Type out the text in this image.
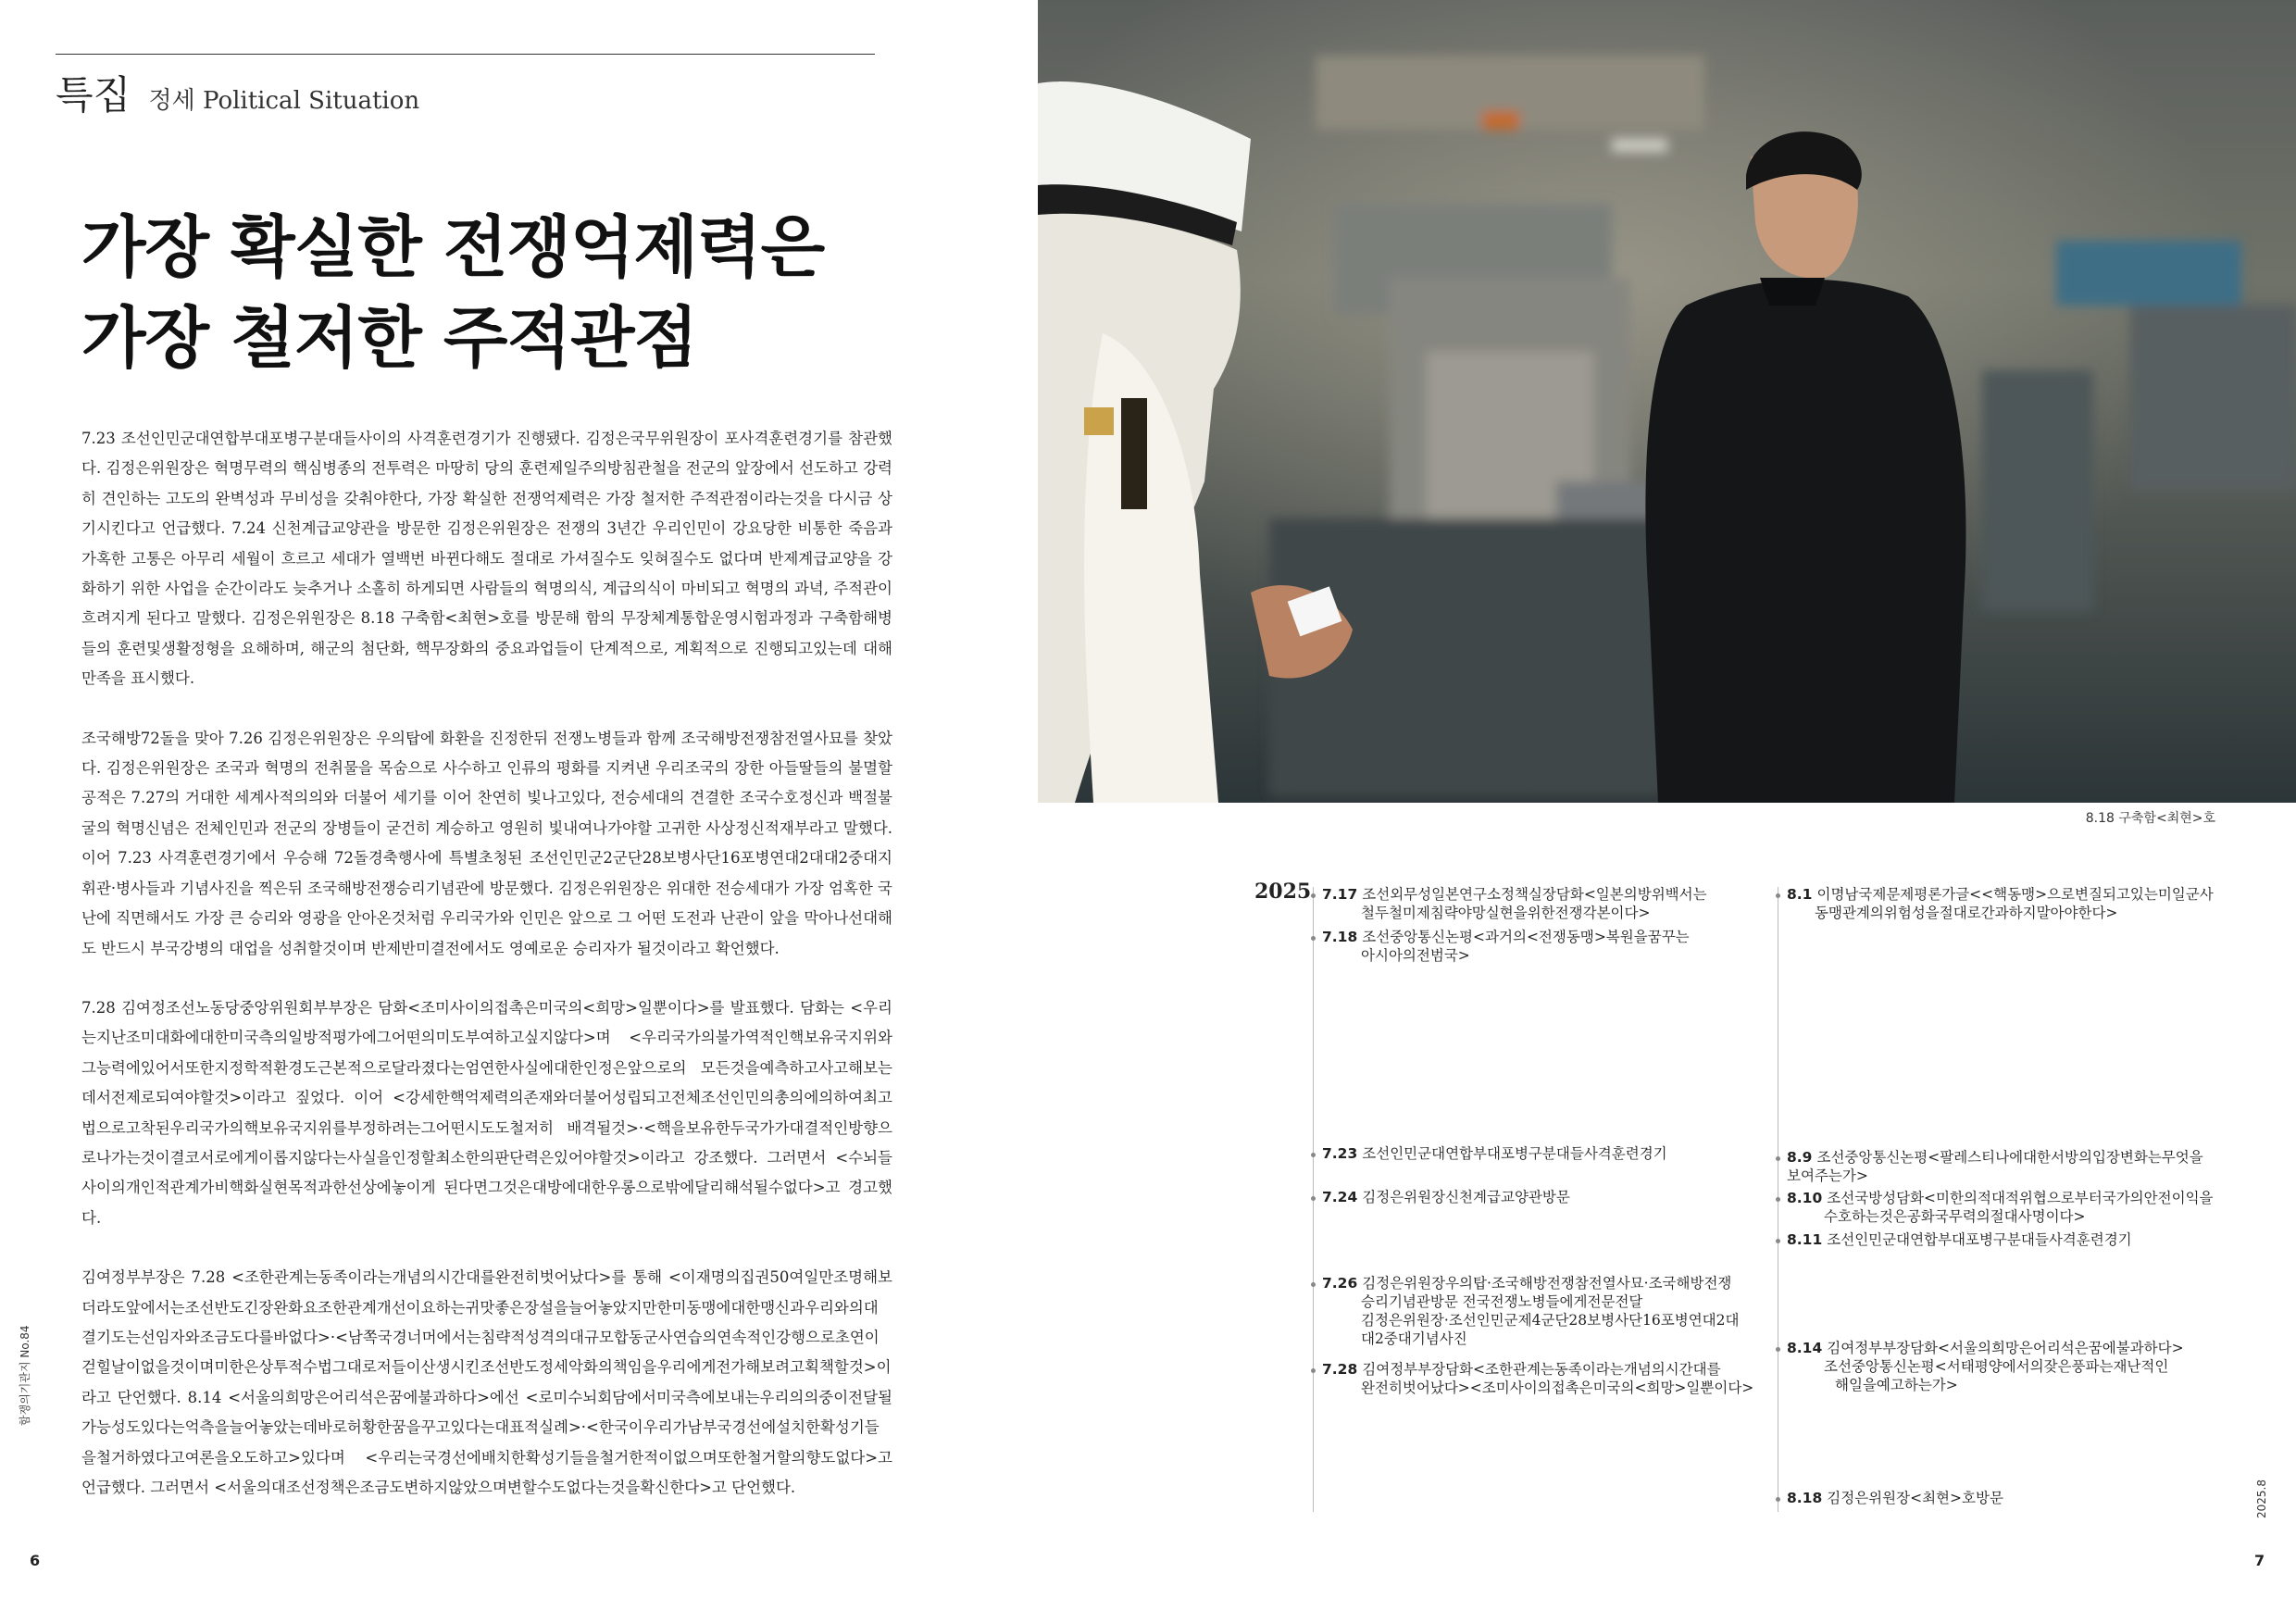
특집 정세 Political Situation
가장 확실한 전쟁억제력은
가장 철저한 주적관점

7.23 조선인민군대연합부대포병구분대들사이의 사격훈련경기가 진행됐다. 김정은국무위원장이 포사격훈련경기를 참관했다. 김정은위원장은 혁명무력의 핵심병종의 전투력은 마땅히 당의 훈련제일주의방침관철을 전군의 앞장에서 선도하고 강력히 견인하는 고도의 완벽성과 무비성을 갖춰야한다, 가장 확실한 전쟁억제력은 가장 철저한 주적관점이라는것을 다시금 상기시킨다고 언급했다. 7.24 신천계급교양관을 방문한 김정은위원장은 전쟁의 3년간 우리인민이 강요당한 비통한 죽음과 가혹한 고통은 아무리 세월이 흐르고 세대가 열백번 바뀐다해도 절대로 가셔질수도 잊혀질수도 없다며 반제계급교양을 강화하기 위한 사업을 순간이라도 늦추거나 소홀히 하게되면 사람들의 혁명의식, 계급의식이 마비되고 혁명의 과녁, 주적관이 흐려지게 된다고 말했다. 김정은위원장은 8.18 구축함<최현>호를 방문해 함의 무장체계통합운영시험과정과 구축함해병들의 훈련및생활정형을 요해하며, 해군의 첨단화, 핵무장화의 중요과업들이 단계적으로, 계획적으로 진행되고있는데 대해 만족을 표시했다.

조국해방72돌을 맞아 7.26 김정은위원장은 우의탑에 화환을 진정한뒤 전쟁노병들과 함께 조국해방전쟁참전열사묘를 찾았다. 김정은위원장은 조국과 혁명의 전취물을 목숨으로 사수하고 인류의 평화를 지켜낸 우리조국의 장한 아들딸들의 불멸할 공적은 7.27의 거대한 세계사적의의와 더불어 세기를 이어 찬연히 빛나고있다, 전승세대의 견결한 조국수호정신과 백절불굴의 혁명신념은 전체인민과 전군의 장병들이 굳건히 계승하고 영원히 빛내여나가야할 고귀한 사상정신적재부라고 말했다. 이어 7.23 사격훈련경기에서 우승해 72돌경축행사에 특별초청된 조선인민군2군단28보병사단16포병연대2대대2중대지휘관·병사들과 기념사진을 찍은뒤 조국해방전쟁승리기념관에 방문했다. 김정은위원장은 위대한 전승세대가 가장 엄혹한 국난에 직면해서도 가장 큰 승리와 영광을 안아온것처럼 우리국가와 인민은 앞으로 그 어떤 도전과 난관이 앞을 막아나선대해도 반드시 부국강병의 대업을 성취할것이며 반제반미결전에서도 영예로운 승리자가 될것이라고 확언했다.

7.28 김여정조선노동당중앙위원회부부장은 담화<조미사이의접촉은미국의<희망>일뿐이다>를 발표했다. 담화는 <우리는지난조미대화에대한미국측의일방적평가에그어떤의미도부여하고싶지않다>며 <우리국가의불가역적인핵보유국지위와그능력에있어서또한지정학적환경도근본적으로달라졌다는엄연한사실에대한인정은앞으로의 모든것을예측하고사고해보는데서전제로되여야할것>이라고 짚었다. 이어 <강세한핵억제력의존재와더불어성립되고전체조선인민의총의에의하여최고법으로고착된우리국가의핵보유국지위를부정하려는그어떤시도도철저히 배격될것>·<핵을보유한두국가가대결적인방향으로나가는것이결코서로에게이롭지않다는사실을인정할최소한의판단력은있어야할것>이라고 강조했다. 그러면서 <수뇌들사이의개인적관계가비핵화실현목적과한선상에놓이게 된다면그것은대방에대한우롱으로밖에달리해석될수없다>고 경고했다.

김여정부부장은 7.28 <조한관계는동족이라는개념의시간대를완전히벗어났다>를 통해 <이재명의집권50여일만조명해보더라도앞에서는조선반도긴장완화요조한관계개선이요하는귀맛좋은장설을늘어놓았지만한미동맹에대한맹신과우리와의대결기도는선임자와조금도다를바없다>·<남쪽국경너머에서는침략적성격의대규모합동군사연습의연속적인강행으로초연이걷힐날이없을것이며미한은상투적수법그대로저들이산생시킨조선반도정세악화의책임을우리에게전가해보려고획책할것>이라고 단언했다. 8.14 <서울의희망은어리석은꿈에불과하다>에선 <로미수뇌회담에서미국측에보내는우리의의중이전달될가능성도있다는억측을늘어놓았는데바로허황한꿈을꾸고있다는대표적실례>·<한국이우리가남부국경선에설치한확성기들을철거하였다고여론을오도하고>있다며 <우리는국경선에배치한확성기들을철거한적이없으며또한철거할의향도없다>고 언급했다. 그러면서 <서울의대조선정책은조금도변하지않았으며변할수도없다는것을확신한다>고 단언했다.

8.18 구축함<최현>호
2025 7.17 조선외무성일본연구소정책실장담화<일본의방위백서는
철두철미제침략야망실현을위한전쟁각본이다>
7.18 조선중앙통신논평<과거의<전쟁동맹>복원을꿈꾸는
아시아의전범국>
7.23 조선인민군대연합부대포병구분대들사격훈련경기
7.24 김정은위원장신천계급교양관방문
7.26 김정은위원장우의탑·조국해방전쟁참전열사묘·조국해방전쟁
승리기념관방문 전국전쟁노병들에게전문전달
김정은위원장·조선인민군제4군단28보병사단16포병연대2대
대2중대기념사진
7.28 김여정부부장담화<조한관계는동족이라는개념의시간대를
완전히벗어났다><조미사이의접촉은미국의<희망>일뿐이다>
8.1 이명남국제문제평론가글<<핵동맹>으로변질되고있는미일군사
동맹관계의위험성을절대로간과하지말아야한다>
8.9 조선중앙통신논평<팔레스티나에대한서방의입장변화는무엇을
보여주는가>
8.10 조선국방성담화<미한의적대적위협으로부터국가의안전이익을
수호하는것은공화국무력의절대사명이다>
8.11 조선인민군대연합부대포병구분대들사격훈련경기
8.14 김여정부부장담화<서울의희망은어리석은꿈에불과하다>
조선중앙통신논평<서태평양에서의잦은풍파는재난적인
해일을예고하는가>
8.18 김정은위원장<최현>호방문
함쟁의기관지 No.84
6
2025.8
7
